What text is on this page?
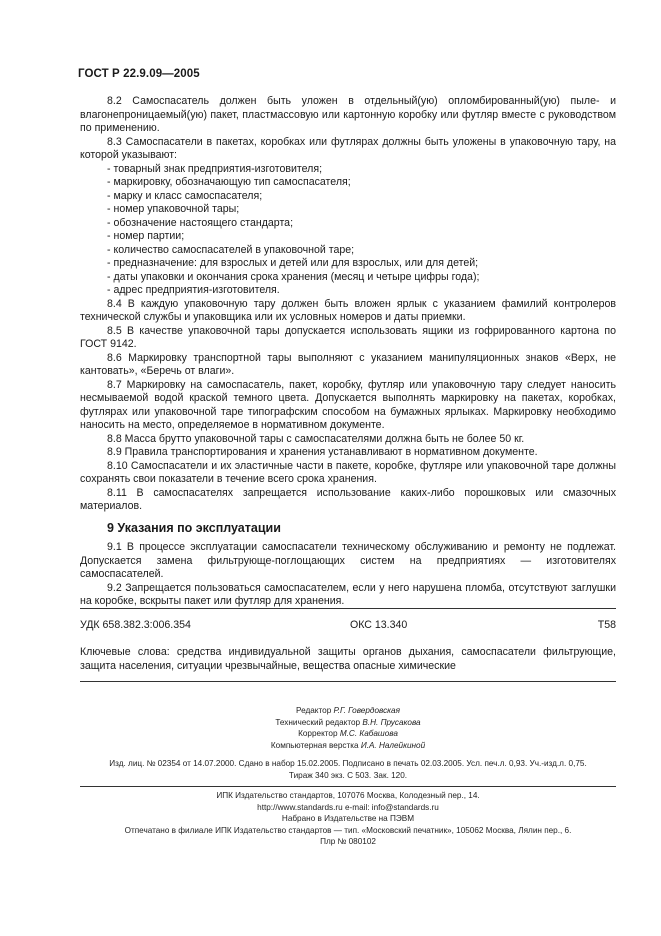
ГОСТ Р 22.9.09—2005

8.2 Самоспасатель должен быть уложен в отдельный(ую) опломбированный(ую) пыле- и влагонепроницаемый(ую) пакет, пластмассовую или картонную коробку или футляр вместе с руководством по применению.

8.3 Самоспасатели в пакетах, коробках или футлярах должны быть уложены в упаковочную тару, на которой указывают:

- товарный знак предприятия-изготовителя;

- маркировку, обозначающую тип самоспасателя;

- марку и класс самоспасателя;

- номер упаковочной тары;

- обозначение настоящего стандарта;

- номер партии;

- количество самоспасателей в упаковочной таре;

- предназначение: для взрослых и детей или для взрослых, или для детей;

- даты упаковки и окончания срока хранения (месяц и четыре цифры года);

- адрес предприятия-изготовителя.

8.4 В каждую упаковочную тару должен быть вложен ярлык с указанием фамилий контролеров технической службы и упаковщика или их условных номеров и даты приемки.

8.5 В качестве упаковочной тары допускается использовать ящики из гофрированного картона по ГОСТ 9142.

8.6 Маркировку транспортной тары выполняют с указанием манипуляционных знаков «Верх, не кантовать», «Беречь от влаги».

8.7 Маркировку на самоспасатель, пакет, коробку, футляр или упаковочную тару следует наносить несмываемой водой краской темного цвета. Допускается выполнять маркировку на пакетах, коробках, футлярах или упаковочной таре типографским способом на бумажных ярлыках. Маркировку необходимо наносить на место, определяемое в нормативном документе.

8.8 Масса брутто упаковочной тары с самоспасателями должна быть не более 50 кг.

8.9 Правила транспортирования и хранения устанавливают в нормативном документе.

8.10 Самоспасатели и их эластичные части в пакете, коробке, футляре или упаковочной таре должны сохранять свои показатели в течение всего срока хранения.

8.11 В самоспасателях запрещается использование каких-либо порошковых или смазочных материалов.

9 Указания по эксплуатации

9.1 В процессе эксплуатации самоспасатели техническому обслуживанию и ремонту не подлежат. Допускается замена фильтрующе-поглощающих систем на предприятиях — изготовителях самоспасателей.

9.2 Запрещается пользоваться самоспасателем, если у него нарушена пломба, отсутствуют заглушки на коробке, вскрыты пакет или футляр для хранения.

УДК 658.382.3:006.354	ОКС 13.340	Т58
Ключевые слова: средства индивидуальной защиты органов дыхания, самоспасатели фильтрующие, защита населения, ситуации чрезвычайные, вещества опасные химические
Редактор Р.Г. Говердовская
Технический редактор В.Н. Прусакова
Корректор М.С. Кабашова
Компьютерная верстка И.А. Налейкиной
Изд. лиц. № 02354 от 14.07.2000. Сдано в набор 15.02.2005. Подписано в печать 02.03.2005. Усл. печ.л. 0,93. Уч.-изд.л. 0,75.
Тираж 340 экз. С 503. Зак. 120.
ИПК Издательство стандартов, 107076 Москва, Колодезный пер., 14.
http://www.standards.ru e-mail: info@standards.ru
Набрано в Издательстве на ПЭВМ
Отпечатано в филиале ИПК Издательство стандартов — тип. «Московский печатник», 105062 Москва, Лялин пер., 6.
Плр № 080102
